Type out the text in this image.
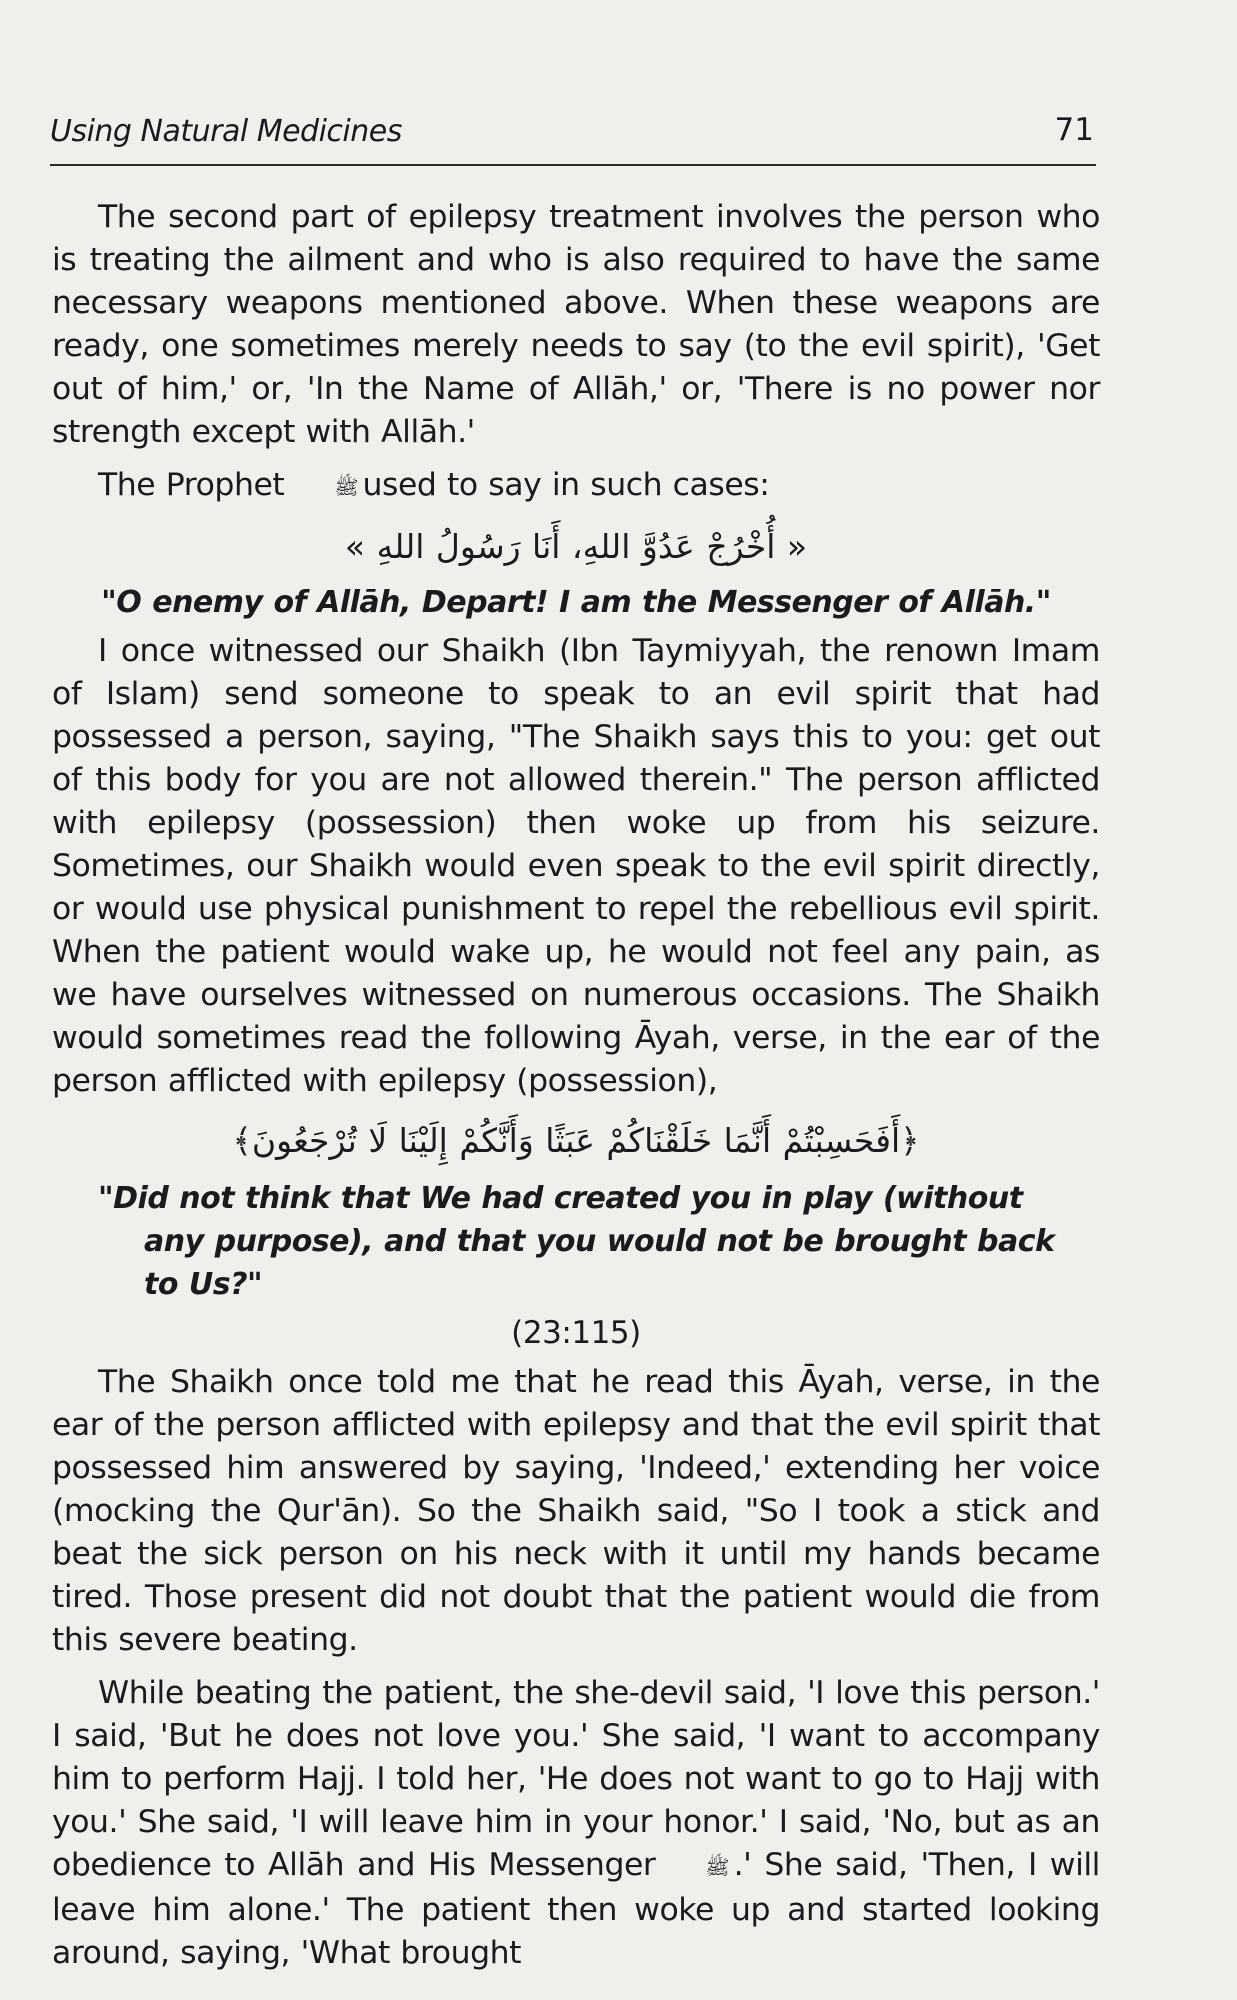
Using Natural Medicines	71

The second part of epilepsy treatment involves the person who is treating the ailment and who is also required to have the same necessary weapons mentioned above. When these weapons are ready, one sometimes merely needs to say (to the evil spirit), 'Get out of him,' or, 'In the Name of Allāh,' or, 'There is no power nor strength except with Allāh.'

The Prophet	ﷺ used to say in such cases:

« أُخْرُجْ عَدُوَّ اللهِ، أَنَا رَسُولُ اللهِ »
"O enemy of Allāh, Depart! I am the Messenger of Allāh."

I once witnessed our Shaikh (Ibn Taymiyyah, the renown Imam of Islam) send someone to speak to an evil spirit that had possessed a person, saying, "The Shaikh says this to you: get out of this body for you are not allowed therein." The person afflicted with epilepsy (possession) then woke up from his seizure. Sometimes, our Shaikh would even speak to the evil spirit directly, or would use physical punishment to repel the rebellious evil spirit. When the patient would wake up, he would not feel any pain, as we have ourselves witnessed on numerous occasions. The Shaikh would sometimes read the following Āyah, verse, in the ear of the person afflicted with epilepsy (possession),

﴿أَفَحَسِبْتُمْ أَنَّمَا خَلَقْنَاكُمْ عَبَثًا وَأَنَّكُمْ إِلَيْنَا لَا تُرْجَعُونَ﴾
"Did not think that We had created you in play (without any purpose), and that you would not be brought back to Us?"
(23:115)

The Shaikh once told me that he read this Āyah, verse, in the ear of the person afflicted with epilepsy and that the evil spirit that possessed him answered by saying, 'Indeed,' extending her voice (mocking the Qur'ān). So the Shaikh said, "So I took a stick and beat the sick person on his neck with it until my hands became tired. Those present did not doubt that the patient would die from this severe beating.

While beating the patient, the she-devil said, 'I love this person.' I said, 'But he does not love you.' She said, 'I want to accompany him to perform Hajj. I told her, 'He does not want to go to Hajj with you.' She said, 'I will leave him in your honor.' I said, 'No, but as an obedience to Allāh and His Messenger	ﷺ .' She said, 'Then, I will leave him alone.' The patient then woke up and started looking around, saying, 'What brought
